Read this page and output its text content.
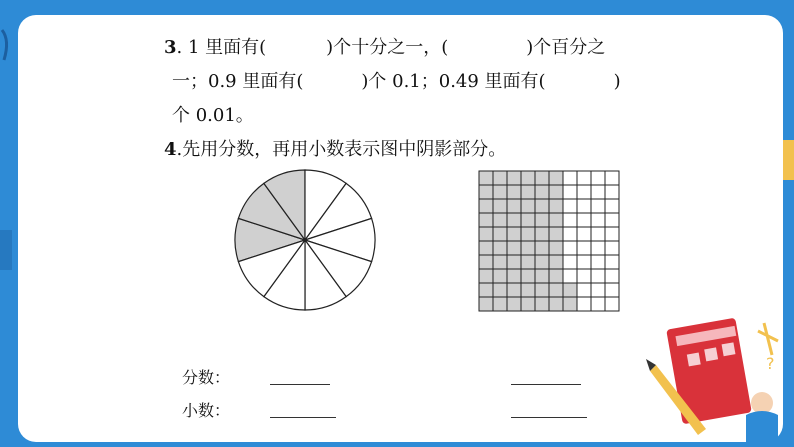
3. 1 里面有(	)个十分之一，(	)个百分之
一；0.9 里面有(	)个 0.1；0.49 里面有(	)
个 0.01。
4.先用分数，再用小数表示图中阴影部分。
分数：
小数：
?
